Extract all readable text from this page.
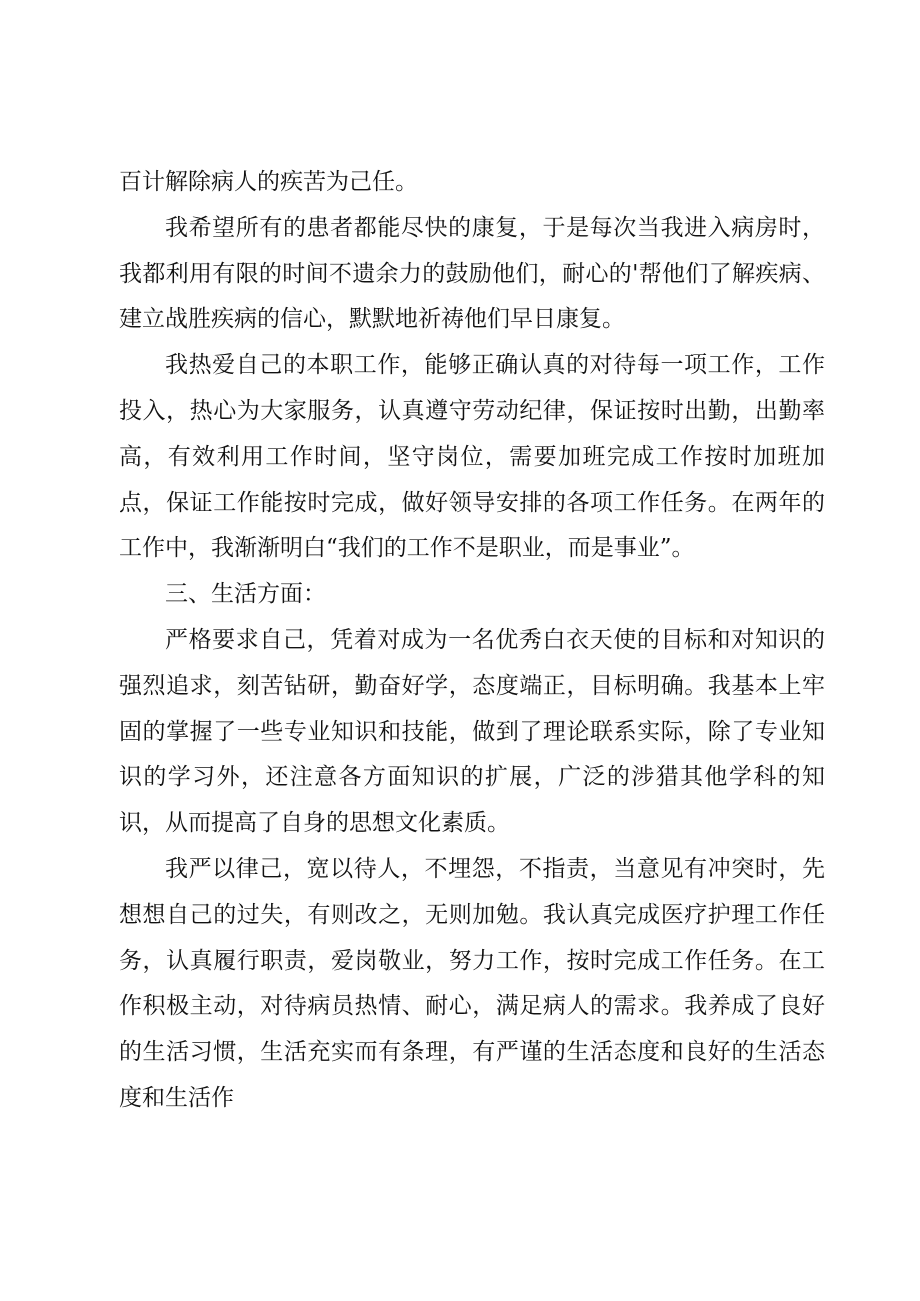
百计解除病人的疾苦为己任。

我希望所有的患者都能尽快的康复，于是每次当我进入病房时，我都利用有限的时间不遗余力的鼓励他们，耐心的'帮他们了解疾病、建立战胜疾病的信心，默默地祈祷他们早日康复。

我热爱自己的本职工作，能够正确认真的对待每一项工作，工作投入，热心为大家服务，认真遵守劳动纪律，保证按时出勤，出勤率高，有效利用工作时间，坚守岗位，需要加班完成工作按时加班加点，保证工作能按时完成，做好领导安排的各项工作任务。在两年的工作中，我渐渐明白“我们的工作不是职业，而是事业”。

三、生活方面：

严格要求自己，凭着对成为一名优秀白衣天使的目标和对知识的强烈追求，刻苦钻研，勤奋好学，态度端正，目标明确。我基本上牢固的掌握了一些专业知识和技能，做到了理论联系实际，除了专业知识的学习外，还注意各方面知识的扩展，广泛的涉猎其他学科的知识，从而提高了自身的思想文化素质。

我严以律己，宽以待人，不埋怨，不指责，当意见有冲突时，先想想自己的过失，有则改之，无则加勉。我认真完成医疗护理工作任务，认真履行职责，爱岗敬业，努力工作，按时完成工作任务。在工作积极主动，对待病员热情、耐心，满足病人的需求。我养成了良好的生活习惯，生活充实而有条理，有严谨的生活态度和良好的生活态度和生活作
